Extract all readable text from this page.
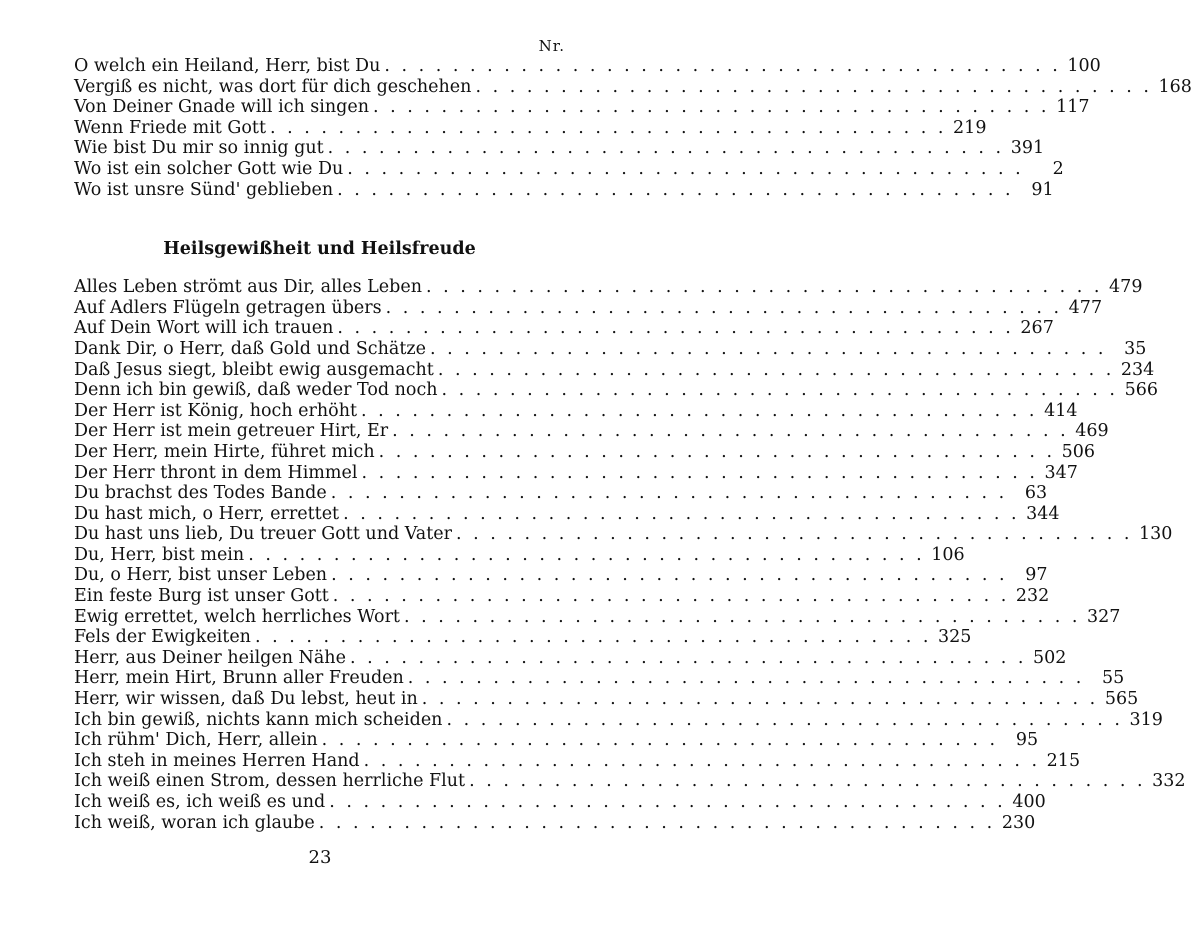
Nr.
O welch ein Heiland, Herr, bist Du . . .	100
Vergiß es nicht, was dort für dich geschehen . . .	168
Von Deiner Gnade will ich singen . . .	117
Wenn Friede mit Gott . . .	219
Wie bist Du mir so innig gut . . .	391
Wo ist ein solcher Gott wie Du . . .	2
Wo ist unsre Sünd' geblieben . . .	91
Heilsgewißheit und Heilsfreude
Alles Leben strömt aus Dir, alles Leben . . .	479
Auf Adlers Flügeln getragen übers . . .	477
Auf Dein Wort will ich trauen . . .	267
Dank Dir, o Herr, daß Gold und Schätze . . .	35
Daß Jesus siegt, bleibt ewig ausgemacht . . .	234
Denn ich bin gewiß, daß weder Tod noch . . .	566
Der Herr ist König, hoch erhöht . . .	414
Der Herr ist mein getreuer Hirt, Er . . .	469
Der Herr, mein Hirte, führet mich . . .	506
Der Herr thront in dem Himmel . . .	347
Du brachst des Todes Bande . . .	63
Du hast mich, o Herr, errettet . . .	344
Du hast uns lieb, Du treuer Gott und Vater . . .	130
Du, Herr, bist mein . . .	106
Du, o Herr, bist unser Leben . . .	97
Ein feste Burg ist unser Gott . . .	232
Ewig errettet, welch herrliches Wort . . .	327
Fels der Ewigkeiten . . .	325
Herr, aus Deiner heilgen Nähe . . .	502
Herr, mein Hirt, Brunn aller Freuden . . .	55
Herr, wir wissen, daß Du lebst, heut in . . .	565
Ich bin gewiß, nichts kann mich scheiden . . .	319
Ich rühm' Dich, Herr, allein . . .	95
Ich steh in meines Herren Hand . . .	215
Ich weiß einen Strom, dessen herrliche Flut . . .	332
Ich weiß es, ich weiß es und . . .	400
Ich weiß, woran ich glaube . . .	230
23
